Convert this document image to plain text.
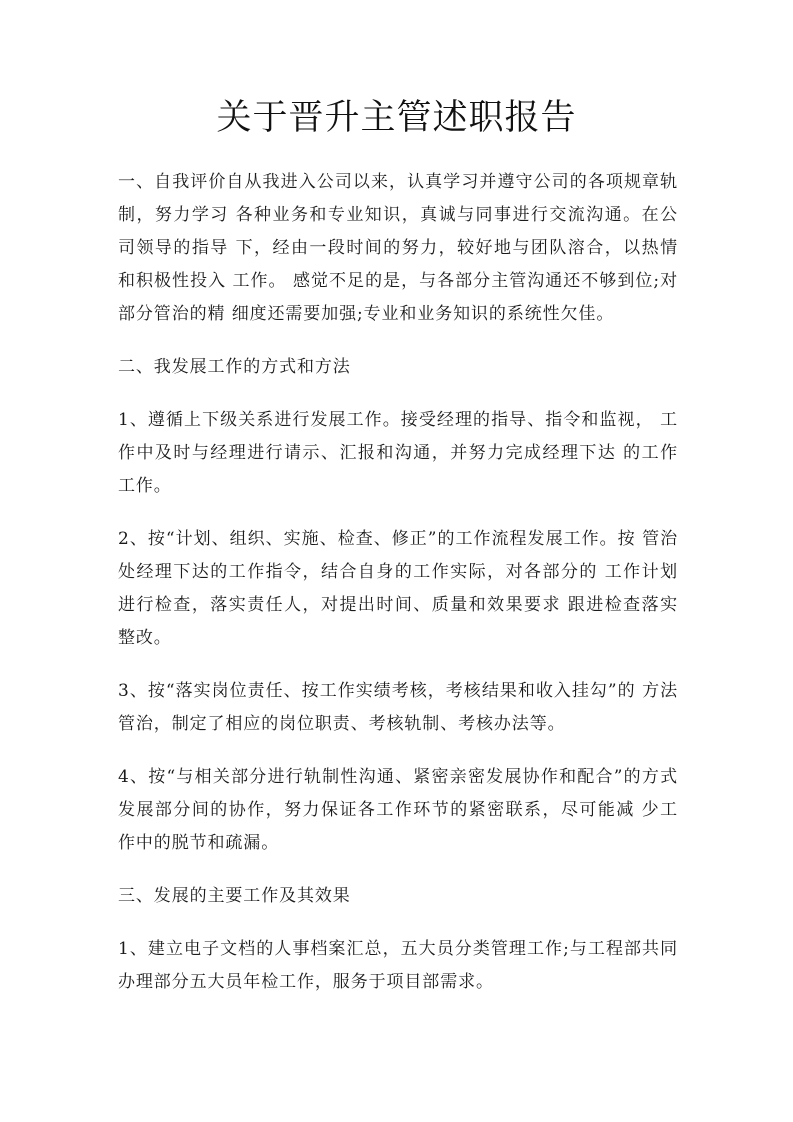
关于晋升主管述职报告

一、自我评价自从我进入公司以来，认真学习并遵守公司的各项规章轨制，努力学习 各种业务和专业知识，真诚与同事进行交流沟通。在公司领导的指导 下，经由一段时间的努力，较好地与团队溶合，以热情和积极性投入 工作。 感觉不足的是，与各部分主管沟通还不够到位;对部分管治的精 细度还需要加强;专业和业务知识的系统性欠佳。

二、我发展工作的方式和方法

1、遵循上下级关系进行发展工作。接受经理的指导、指令和监视， 工作中及时与经理进行请示、汇报和沟通，并努力完成经理下达 的工作工作。

2、按“计划、组织、实施、检查、修正”的工作流程发展工作。按 管治处经理下达的工作指令，结合自身的工作实际，对各部分的 工作计划进行检查，落实责任人，对提出时间、质量和效果要求 跟进检查落实整改。

3、按“落实岗位责任、按工作实绩考核，考核结果和收入挂勾”的 方法管治，制定了相应的岗位职责、考核轨制、考核办法等。

4、按“与相关部分进行轨制性沟通、紧密亲密发展协作和配合”的方式发展部分间的协作，努力保证各工作环节的紧密联系，尽可能减 少工作中的脱节和疏漏。

三、发展的主要工作及其效果

1、建立电子文档的人事档案汇总，五大员分类管理工作;与工程部共同办理部分五大员年检工作，服务于项目部需求。
